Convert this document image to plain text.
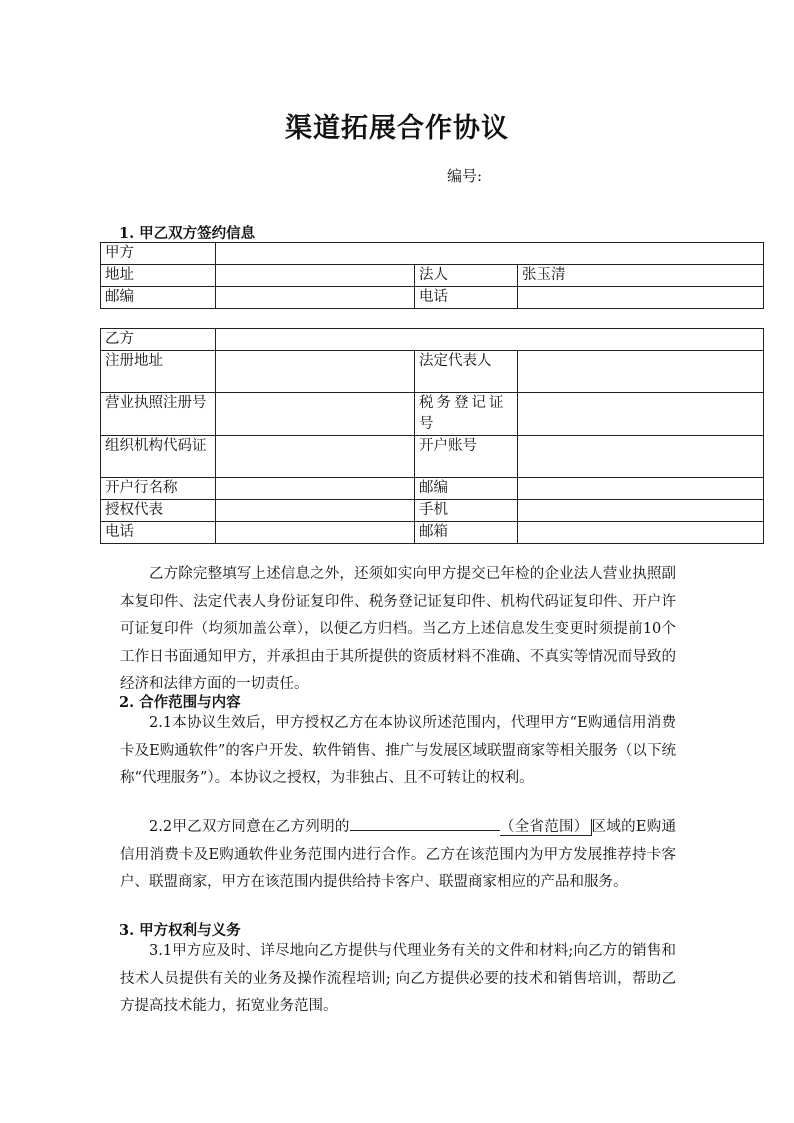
渠道拓展合作协议
编号:
1. 甲乙双方签约信息
甲方			
地址		法人	张玉清
邮编		电话	
乙方			
注册地址		法定代表人	
营业执照注册号		税务登记证号	
组织机构代码证		开户账号	
开户行名称		邮编	
授权代表		手机	
电话		邮箱	
乙方除完整填写上述信息之外，还须如实向甲方提交已年检的企业法人营业执照副本复印件、法定代表人身份证复印件、税务登记证复印件、机构代码证复印件、开户许可证复印件（均须加盖公章），以便乙方归档。当乙方上述信息发生变更时须提前10个工作日书面通知甲方，并承担由于其所提供的资质材料不准确、不真实等情况而导致的经济和法律方面的一切责任。
2. 合作范围与内容
2.1本协议生效后，甲方授权乙方在本协议所述范围内，代理甲方“E购通信用消费卡及E购通软件”的客户开发、软件销售、推广与发展区域联盟商家等相关服务（以下统称“代理服务”）。本协议之授权，为非独占、且不可转让的权利。
2.2甲乙双方同意在乙方列明的	（全省范围） 区域的E购通信用消费卡及E购通软件业务范围内进行合作。乙方在该范围内为甲方发展推荐持卡客户、联盟商家，甲方在该范围内提供给持卡客户、联盟商家相应的产品和服务。
3. 甲方权利与义务
3.1甲方应及时、详尽地向乙方提供与代理业务有关的文件和材料;向乙方的销售和技术人员提供有关的业务及操作流程培训; 向乙方提供必要的技术和销售培训，帮助乙方提高技术能力，拓宽业务范围。
